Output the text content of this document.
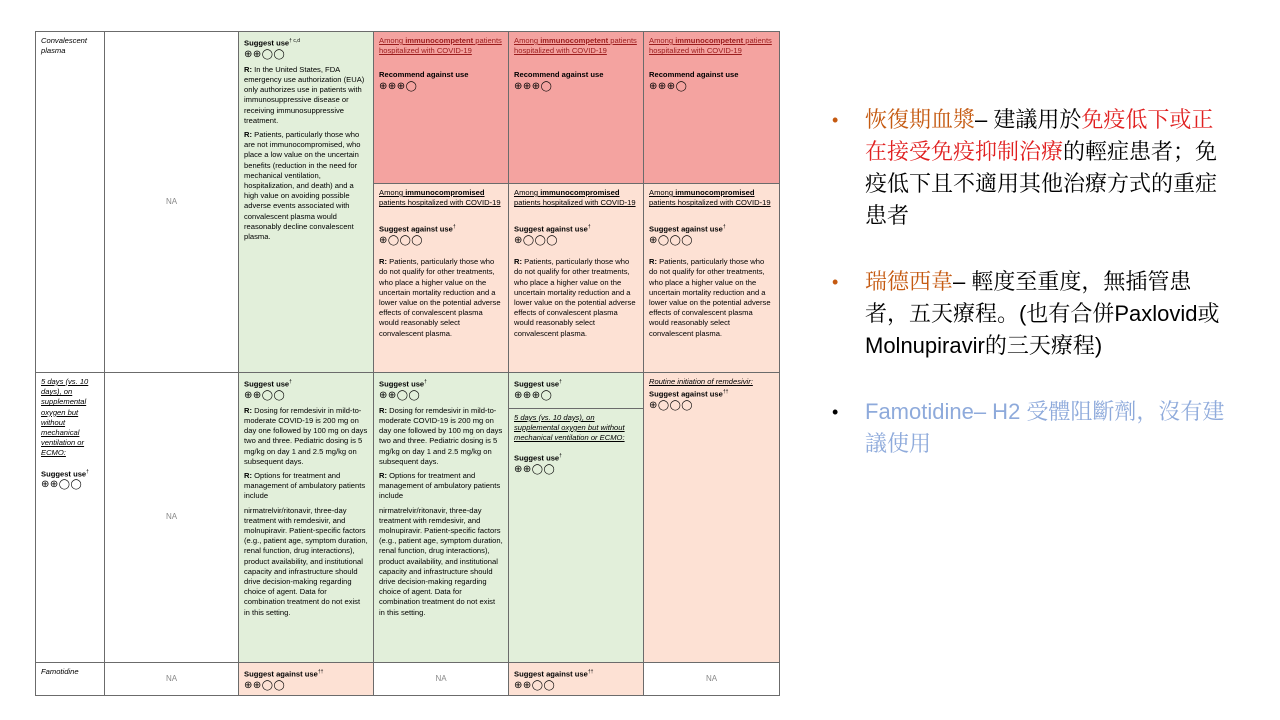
Convalescent plasma
NA
Suggest use$^{\dagger c,d}$
⊕⊕◯◯
R: In the United States, FDA emergency use authorization (EUA) only authorizes use in patients with immunosuppressive disease or receiving immunosuppressive treatment.
R: Patients, particularly those who are not immunocompromised, who place a low value on the uncertain benefits (reduction in the need for mechanical ventilation, hospitalization, and death) and a high value on avoiding possible adverse events associated with convalescent plasma would reasonably decline convalescent plasma.
Among immunocompetent patients hospitalized with COVID-19
Recommend against use
⊕⊕⊕◯
Among immunocompetent patients hospitalized with COVID-19
Recommend against use
⊕⊕⊕◯
Among immunocompetent patients hospitalized with COVID-19
Recommend against use
⊕⊕⊕◯
Among immunocompromised patients hospitalized with COVID-19
Suggest against use†
⊕◯◯◯
R: Patients, particularly those who do not qualify for other treatments, who place a higher value on the uncertain mortality reduction and a lower value on the potential adverse effects of convalescent plasma would reasonably select convalescent plasma.
Among immunocompromised patients hospitalized with COVID-19
Suggest against use†
⊕◯◯◯
R: Patients, particularly those who do not qualify for other treatments, who place a higher value on the uncertain mortality reduction and a lower value on the potential adverse effects of convalescent plasma would reasonably select convalescent plasma.
Among immunocompromised patients hospitalized with COVID-19
Suggest against use†
⊕◯◯◯
R: Patients, particularly those who do not qualify for other treatments, who place a higher value on the uncertain mortality reduction and a lower value on the potential adverse effects of convalescent plasma would reasonably select convalescent plasma.
5 days (vs. 10 days), on supplemental oxygen but without mechanical ventilation or ECMO:
Suggest use†
⊕⊕◯◯
NA
Suggest use†
⊕⊕◯◯
R: Dosing for remdesivir in mild-to-moderate COVID-19 is 200 mg on day one followed by 100 mg on days two and three. Pediatric dosing is 5 mg/kg on day 1 and 2.5 mg/kg on subsequent days.
R: Options for treatment and management of ambulatory patients include
nirmatrelvir/ritonavir, three-day treatment with remdesivir, and molnupiravir. Patient-specific factors (e.g., patient age, symptom duration, renal function, drug interactions), product availability, and institutional capacity and infrastructure should drive decision-making regarding choice of agent. Data for combination treatment do not exist in this setting.
Suggest use†
⊕⊕◯◯
R: Dosing for remdesivir in mild-to-moderate COVID-19 is 200 mg on day one followed by 100 mg on days two and three. Pediatric dosing is 5 mg/kg on day 1 and 2.5 mg/kg on subsequent days.
R: Options for treatment and management of ambulatory patients include
nirmatrelvir/ritonavir, three-day treatment with remdesivir, and molnupiravir. Patient-specific factors (e.g., patient age, symptom duration, renal function, drug interactions), product availability, and institutional capacity and infrastructure should drive decision-making regarding choice of agent. Data for combination treatment do not exist in this setting.
Suggest use†
⊕⊕⊕◯
5 days (vs. 10 days), on supplemental oxygen but without mechanical ventilation or ECMO:
Suggest use†
⊕⊕◯◯
Routine initiation of remdesivir:
Suggest against use††
⊕◯◯◯
Famotidine
NA	Suggest against use††
⊕⊕◯◯
NA	Suggest against use††
⊕⊕◯◯
NA
• 恢復期血漿– 建議用於免疫低下或正在接受免疫抑制治療的輕症患者；免疫低下且不適用其他治療方式的重症患者
• 瑞德西韋– 輕度至重度，無插管患者，五天療程。(也有合併Paxlovid或Molnupiravir的三天療程)
• Famotidine– H2 受體阻斷劑，沒有建議使用
